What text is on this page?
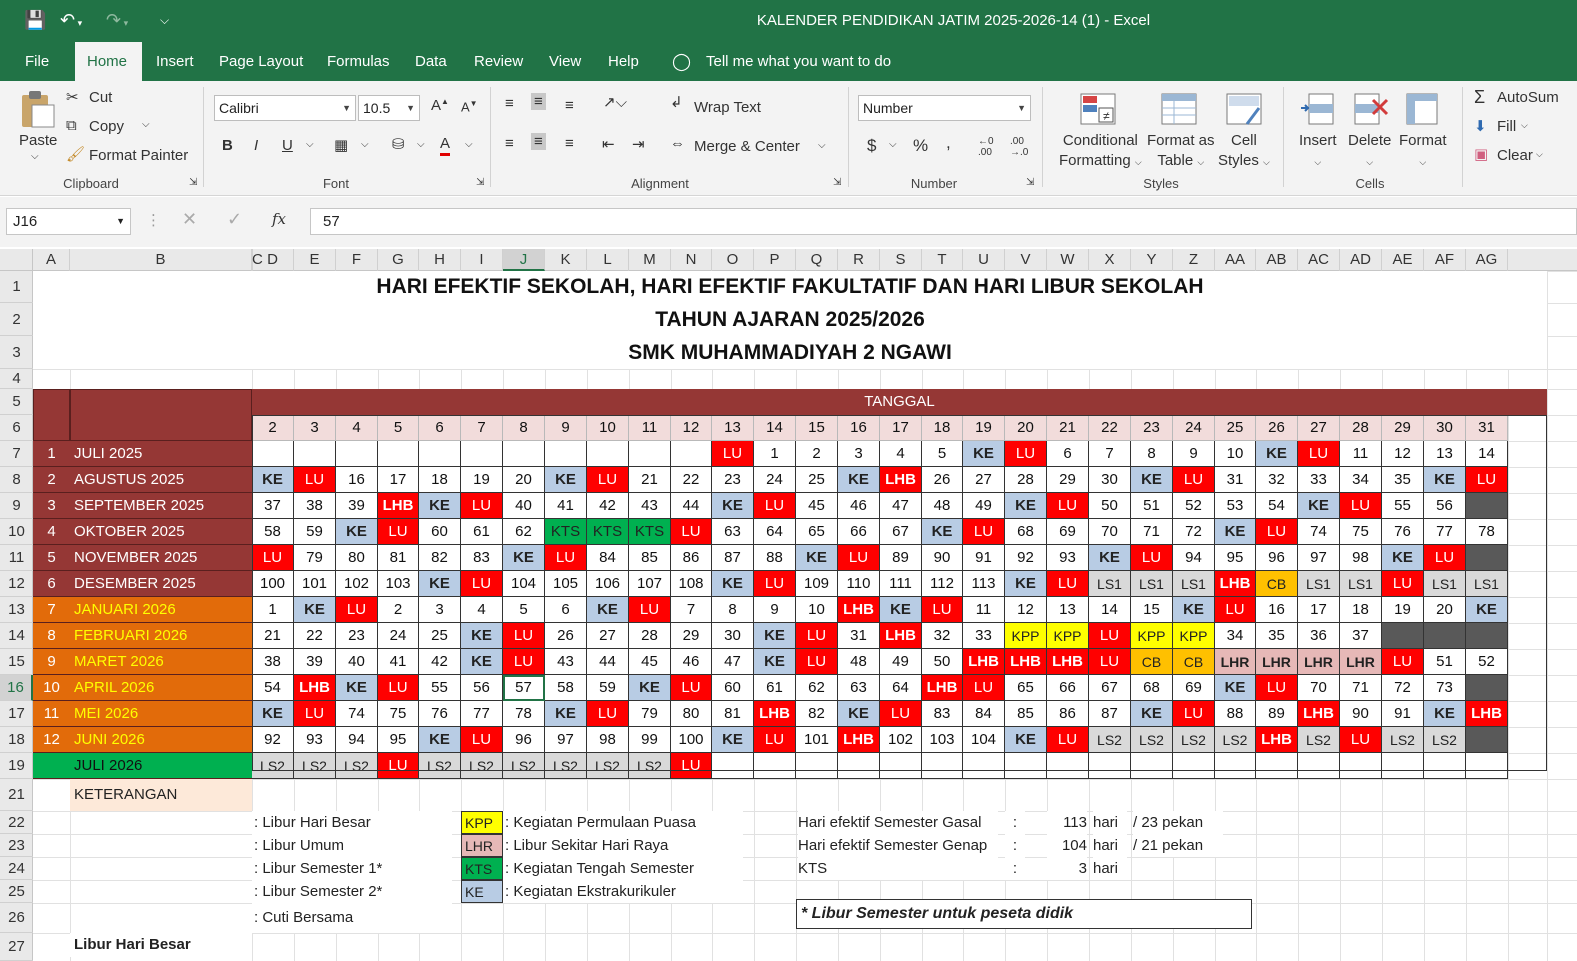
💾 ↶ ▾ ↷ ▾	⌵	KALENDER PENDIDIKAN JATIM 2025-2026-14 (1) - Excel
File	Home	Insert	Page Layout	Formulas	Data	Review	View	Help	◯ Tell me what you want to do
Paste
⌵
✂ Cut
⧉ Copy ⌵
🖌 Format Painter
Clipboard	⇲
Calibri	▼ 10.5 ▼ A▲ A▼
B I U ⌵ ▦ ⌵ ⛁ ⌵ A ⌵
Font	⇲
≡ ≡ ≡ ↗⌵	↲ Wrap Text
≡ ≡ ≡ ⇤ ⇥ ⇔ Merge & Center ⌵
Alignment	⇲
Number	▼
$ ⌵ % ,	←0
.00
.00
→.0
Number	⇲
≠
Conditional
Formatting ⌵
Format as
Table ⌵
Cell
Styles ⌵
Styles
Insert
⌵
Delete
⌵
Format
⌵
Cells
Σ AutoSum
⬇ Fill ⌵
▣ Clear ⌵
J16	▼ ⋮ ✕ ✓ fx	57
A	B	C D	E	F	G	H	I	J	K	L	M	N	O	P	Q	R	S	T	U	V	W	X	Y	Z	AA	AB	AC	AD	AE	AF	AG
1
2
3
4
5
6
7
8
9
10
11
12
13
14
15
16
17
18
19
21
22
23
24
25
26
27
HARI EFEKTIF SEKOLAH, HARI EFEKTIF FAKULTATIF DAN HARI LIBUR SEKOLAH
TAHUN AJARAN 2025/2026
SMK MUHAMMADIYAH 2 NGAWI
TANGGAL
2	3	4	5	6	7	8	9	10	11	12	13	14	15	16	17	18	19	20	21	22	23	24	25	26	27	28	29	30	31
1	JULI 2025	LU	1	2	3	4	5	KE	LU	6	7	8	9	10	KE	LU	11	12	13	14
2	AGUSTUS 2025	KE	LU	16	17	18	19	20	KE	LU	21	22	23	24	25	KE	LHB	26	27	28	29	30	KE	LU	31	32	33	34	35	KE	LU
3	SEPTEMBER 2025	37	38	39	LHB	KE	LU	40	41	42	43	44	KE	LU	45	46	47	48	49	KE	LU	50	51	52	53	54	KE	LU	55	56
4	OKTOBER 2025	58	59	KE	LU	60	61	62	KTS KTS KTS	LU	63	64	65	66	67	KE	LU	68	69	70	71	72	KE	LU	74	75	76	77	78
5	NOVEMBER 2025	LU	79	80	81	82	83	KE	LU	84	85	86	87	88	KE	LU	89	90	91	92	93	KE	LU	94	95	96	97	98	KE	LU
6	DESEMBER 2025	100	101	102	103	KE	LU	104	105	106	107	108	KE	LU	109	110	111	112	113	KE	LU	LS1	LS1	LS1 LHB	CB	LS1	LS1	LU	LS1	LS1
7	JANUARI 2026	1	KE	LU	2	3	4	5	6	KE	LU	7	8	9	10	LHB	KE	LU	11	12	13	14	15	KE	LU	16	17	18	19	20	KE
8	FEBRUARI 2026	21	22	23	24	25	KE	LU	26	27	28	29	30	KE	LU	31	LHB	32	33	KPP KPP	LU	KPP KPP	34	35	36	37
9	MARET 2026	38	39	40	41	42	KE	LU	43	44	45	46	47	KE	LU	48	49	50	LHB LHB LHB	LU	CB	CB	LHR LHR LHR LHR	LU	51	52
10 APRIL 2026	54	LHB	KE	LU	55	56	57	58	59	KE	LU	60	61	62	63	64	LHB	LU	65	66	67	68	69	KE	LU	70	71	72	73
11 MEI 2026	KE	LU	74	75	76	77	78	KE	LU	79	80	81	LHB	82	KE	LU	83	84	85	86	87	KE	LU	88	89	LHB	90	91	KE	LHB
12 JUNI 2026	92	93	94	95	KE	LU	96	97	98	99	100	KE	LU	101 LHB 102	103	104	KE	LU	LS2	LS2	LS2	LS2 LHB	LS2	LU	LS2	LS2
JULI 2026	LS2	LS2	LS2	LU	LS2	LS2	LS2	LS2	LS2	LS2	LU
KETERANGAN
: Libur Hari Besar
: Libur Umum
: Libur Semester 1*
: Libur Semester 2*
: Cuti Bersama
KPP : Kegiatan Permulaan Puasa
LHR : Libur Sekitar Hari Raya
KTS : Kegiatan Tengah Semester
KE	: Kegiatan Ekstrakurikuler
Hari efektif Semester Gasal	:	113 hari / 23 pekan
Hari efektif Semester Genap	:	104 hari / 21 pekan
KTS	:	3 hari
* Libur Semester untuk peseta didik
Libur Hari Besar
